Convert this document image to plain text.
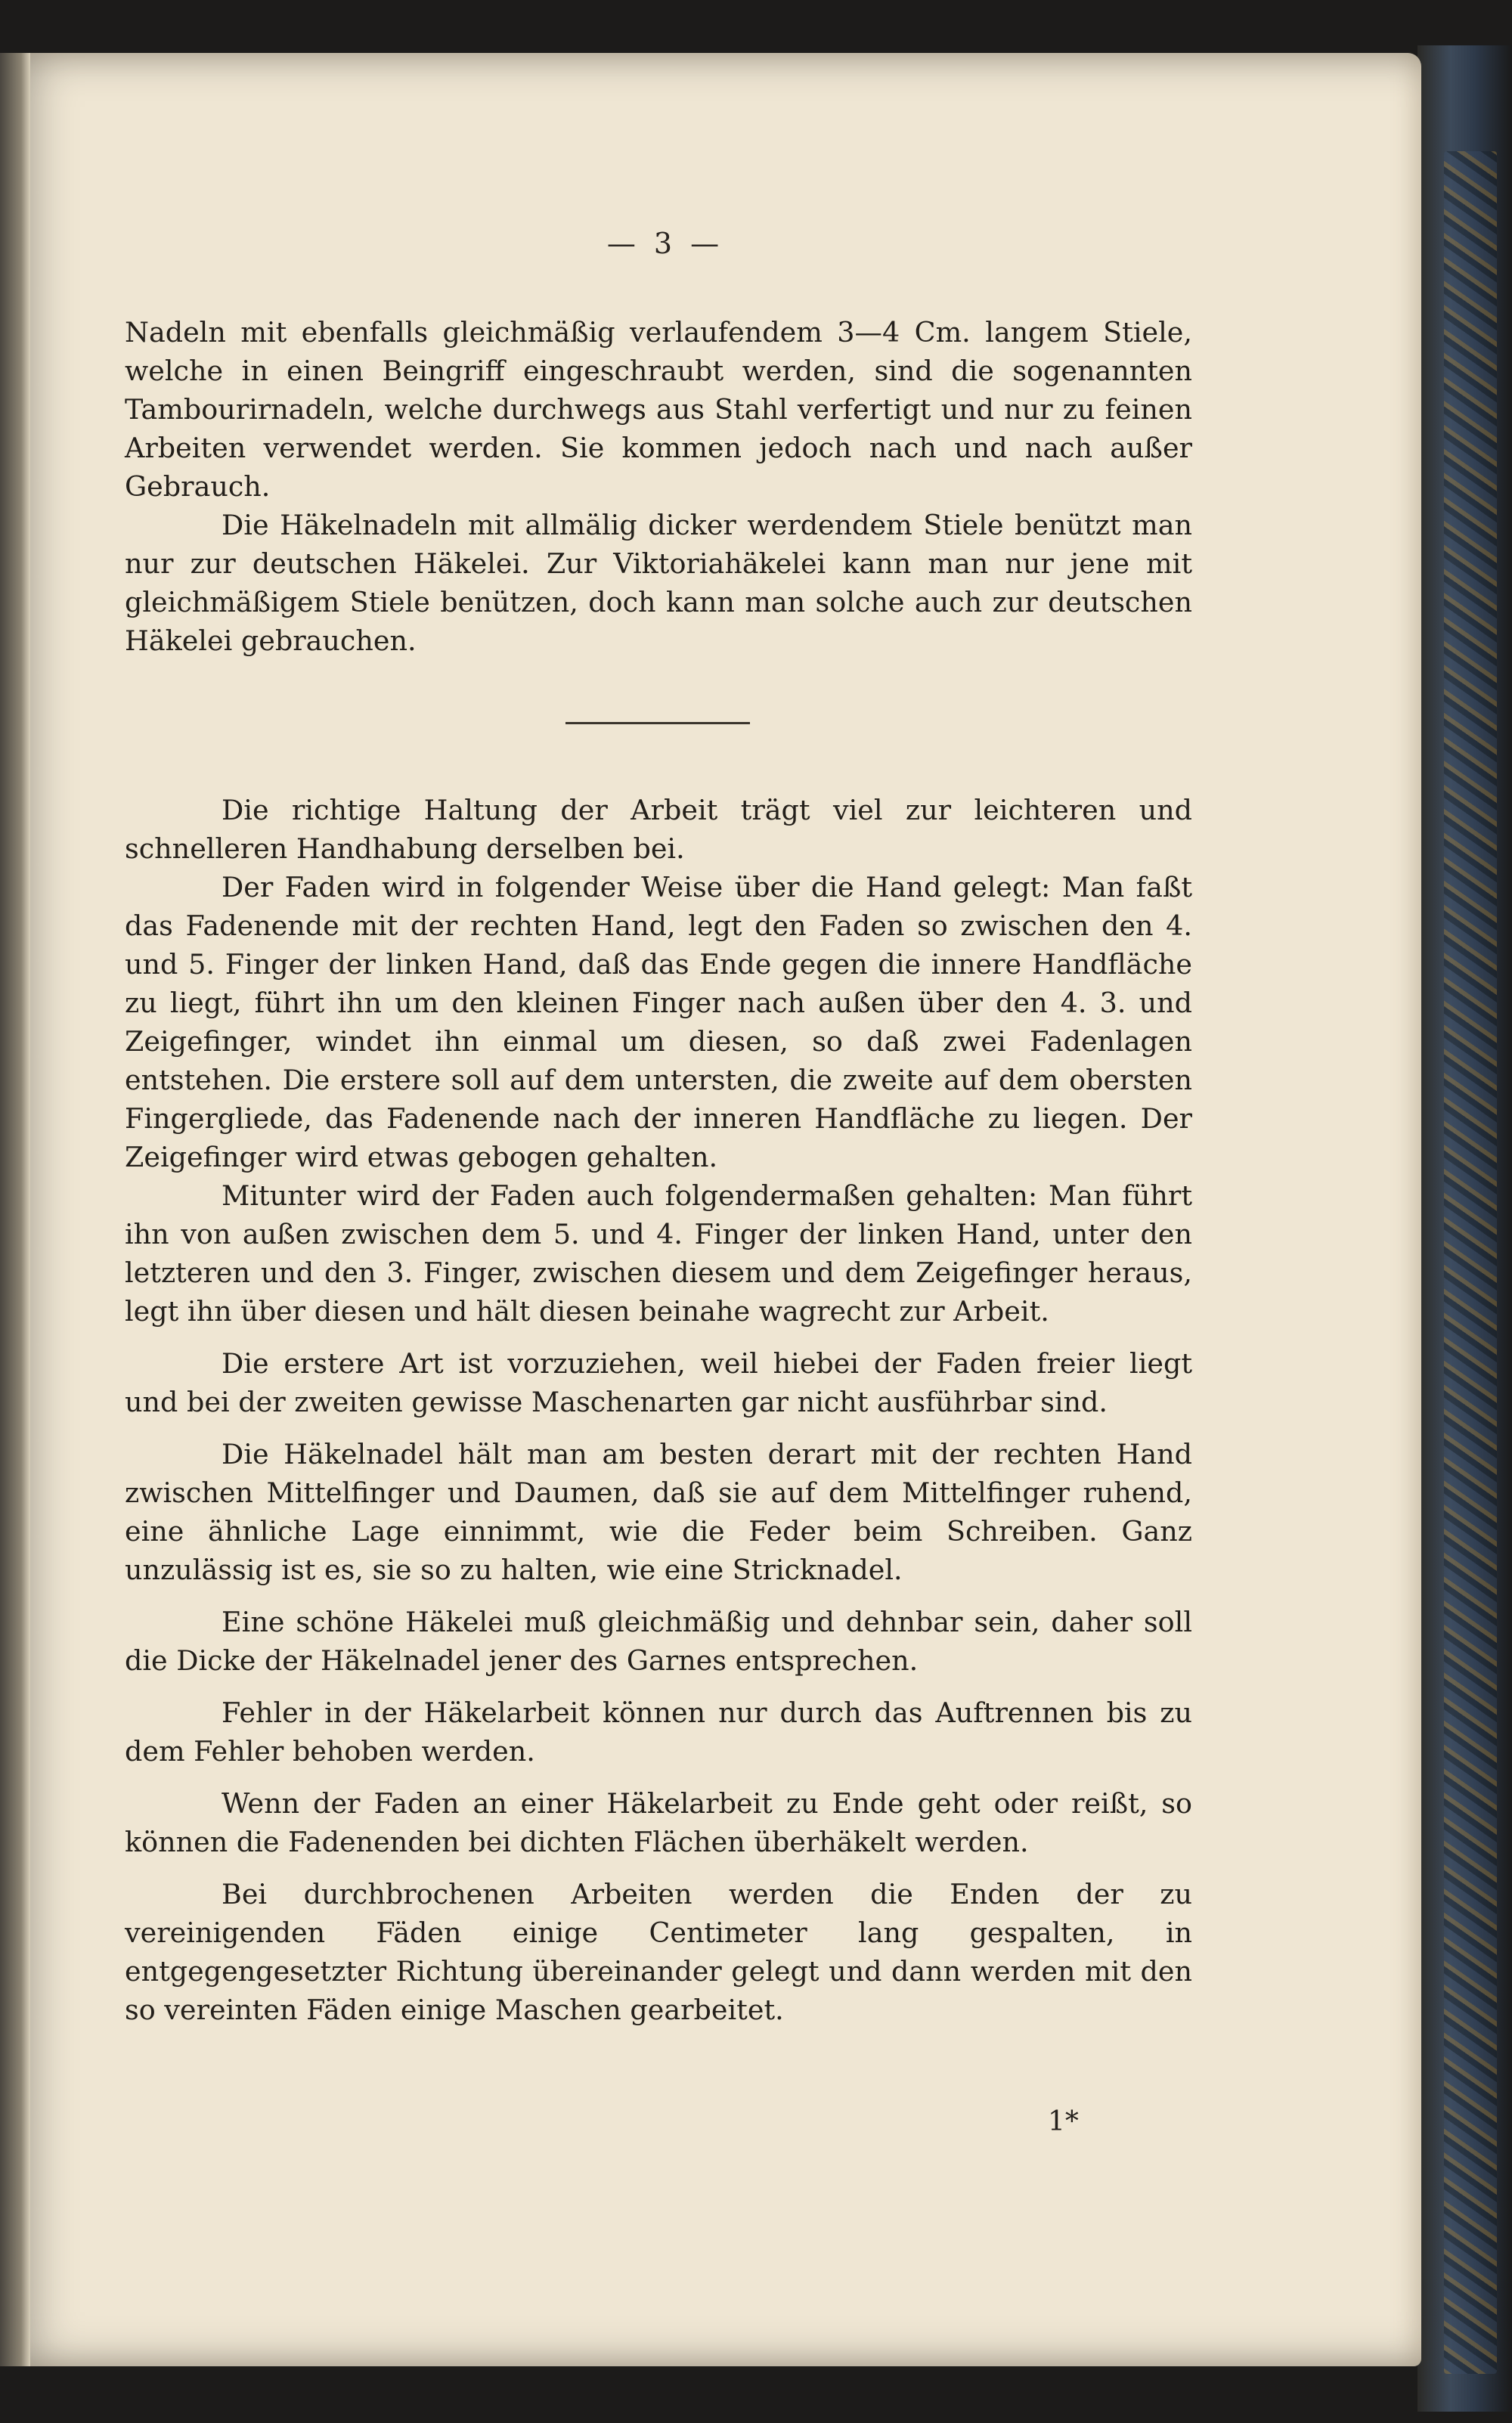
— 3 —

Nadeln mit ebenfalls gleichmäßig verlaufendem 3—4 Cm. langem Stiele, welche in einen Beingriff eingeschraubt werden, sind die sogenannten Tambourirnadeln, welche durchwegs aus Stahl verfertigt und nur zu feinen Arbeiten verwendet werden. Sie kommen jedoch nach und nach außer Gebrauch.

Die Häkelnadeln mit allmälig dicker werdendem Stiele benützt man nur zur deutschen Häkelei. Zur Viktoriahäkelei kann man nur jene mit gleichmäßigem Stiele benützen, doch kann man solche auch zur deutschen Häkelei gebrauchen.

Die richtige Haltung der Arbeit trägt viel zur leichteren und schnelleren Handhabung derselben bei.

Der Faden wird in folgender Weise über die Hand gelegt: Man faßt das Fadenende mit der rechten Hand, legt den Faden so zwischen den 4. und 5. Finger der linken Hand, daß das Ende gegen die innere Handfläche zu liegt, führt ihn um den kleinen Finger nach außen über den 4. 3. und Zeigefinger, windet ihn einmal um diesen, so daß zwei Fadenlagen entstehen. Die erstere soll auf dem untersten, die zweite auf dem obersten Fingergliede, das Fadenende nach der inneren Handfläche zu liegen. Der Zeigefinger wird etwas gebogen gehalten.

Mitunter wird der Faden auch folgendermaßen gehalten: Man führt ihn von außen zwischen dem 5. und 4. Finger der linken Hand, unter den letzteren und den 3. Finger, zwischen diesem und dem Zeigefinger heraus, legt ihn über diesen und hält diesen beinahe wagrecht zur Arbeit.

Die erstere Art ist vorzuziehen, weil hiebei der Faden freier liegt und bei der zweiten gewisse Maschenarten gar nicht ausführbar sind.

Die Häkelnadel hält man am besten derart mit der rechten Hand zwischen Mittelfinger und Daumen, daß sie auf dem Mittelfinger ruhend, eine ähnliche Lage einnimmt, wie die Feder beim Schreiben. Ganz unzulässig ist es, sie so zu halten, wie eine Stricknadel.

Eine schöne Häkelei muß gleichmäßig und dehnbar sein, daher soll die Dicke der Häkelnadel jener des Garnes entsprechen.

Fehler in der Häkelarbeit können nur durch das Auftrennen bis zu dem Fehler behoben werden.

Wenn der Faden an einer Häkelarbeit zu Ende geht oder reißt, so können die Fadenenden bei dichten Flächen überhäkelt werden.

Bei durchbrochenen Arbeiten werden die Enden der zu vereinigenden Fäden einige Centimeter lang gespalten, in entgegengesetzter Richtung übereinander gelegt und dann werden mit den so vereinten Fäden einige Maschen gearbeitet.

1*
